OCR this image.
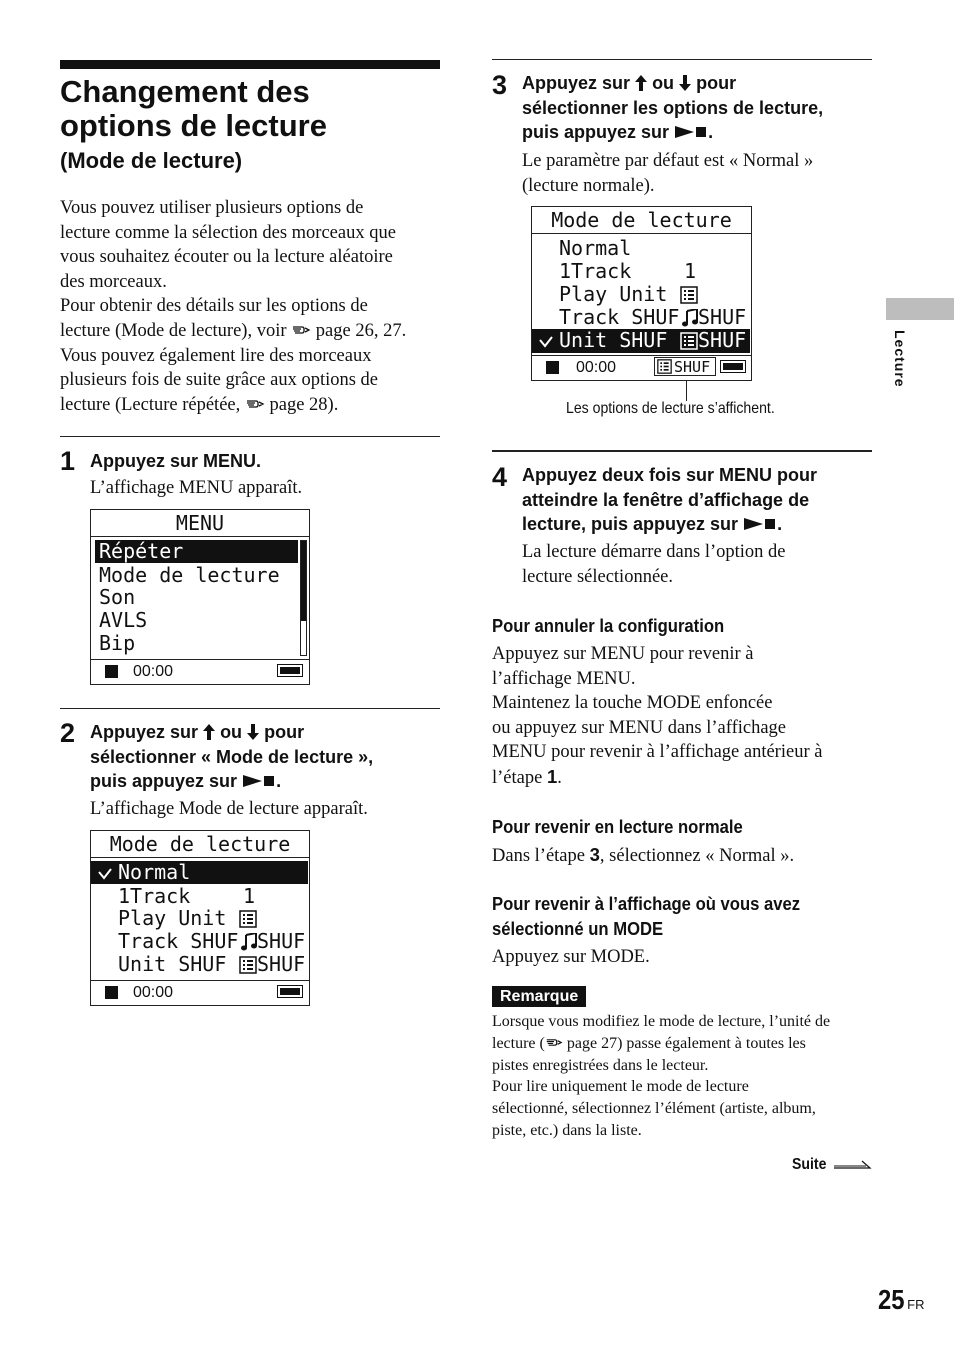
Changement des
options de lecture
(Mode de lecture)
Vous pouvez utiliser plusieurs options de
lecture comme la sélection des morceaux que
vous souhaitez écouter ou la lecture aléatoire
des morceaux.
Pour obtenir des détails sur les options de
lecture (Mode de lecture), voir page 26, 27.
Vous pouvez également lire des morceaux
plusieurs fois de suite grâce aux options de
lecture (Lecture répétée, page 28).
1 Appuyez sur MENU.
L’affichage MENU apparaît.
MENU
Répéter
Mode de lecture
Son
AVLS
Bip
00:00
2 Appuyez sur ou pour
sélectionner « Mode de lecture »,
puis appuyez sur .
L’affichage Mode de lecture apparaît.
Mode de lecture
Normal
1Track	1
Play Unit
Track SHUF SHUF
Unit SHUF SHUF
00:00
3 Appuyez sur ou pour
sélectionner les options de lecture,
puis appuyez sur .
Le paramètre par défaut est « Normal »
(lecture normale).
Mode de lecture
Normal
1Track	1
Play Unit
Track SHUF SHUF
Unit SHUF SHUF
00:00	SHUF
Les options de lecture s’affichent.
4 Appuyez deux fois sur MENU pour
atteindre la fenêtre d’affichage de
lecture, puis appuyez sur .
La lecture démarre dans l’option de
lecture sélectionnée.
Pour annuler la configuration
Appuyez sur MENU pour revenir à
l’affichage MENU.
Maintenez la touche MODE enfoncée
ou appuyez sur MENU dans l’affichage
MENU pour revenir à l’affichage antérieur à
l’étape 1.
Pour revenir en lecture normale
Dans l’étape 3, sélectionnez « Normal ».
Pour revenir à l’affichage où vous avez
sélectionné un MODE
Appuyez sur MODE.
Remarque
Lorsque vous modifiez le mode de lecture, l’unité de
lecture ( page 27) passe également à toutes les
pistes enregistrées dans le lecteur.
Pour lire uniquement le mode de lecture
sélectionné, sélectionnez l’élément (artiste, album,
piste, etc.) dans la liste.
Suite
Lecture
25 FR
